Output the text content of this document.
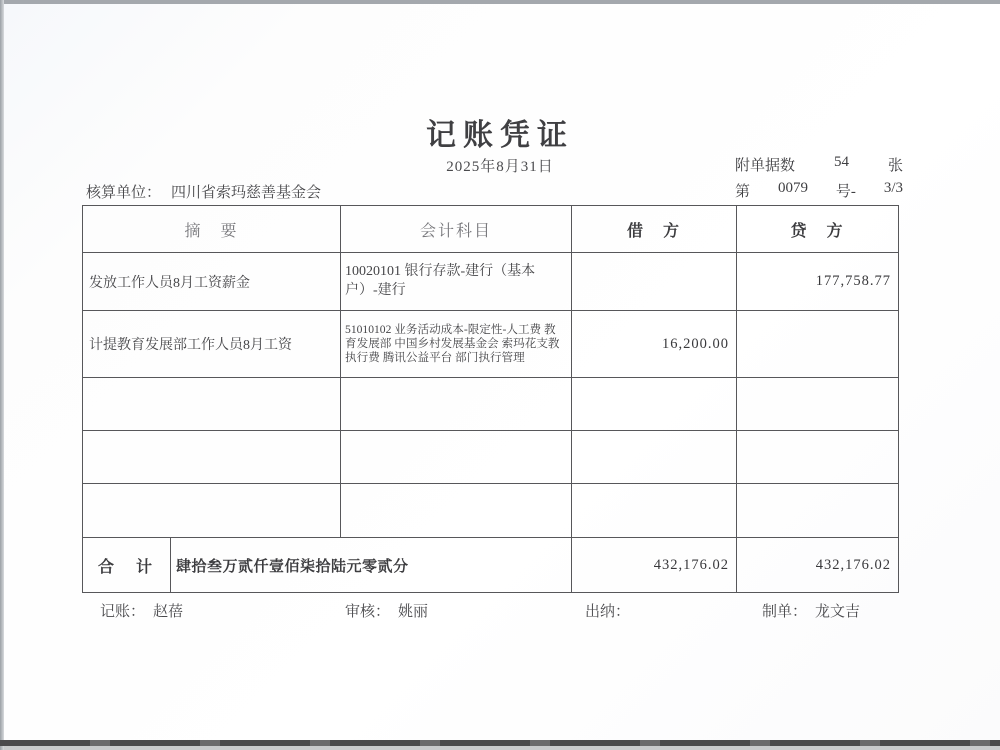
记账凭证
2025年8月31日	附单据数	54	张
第 0079 号- 3/3
核算单位： 四川省索玛慈善基金会
摘　要		会计科目	借　方	贷　方
发放工作人员8月工资薪金		10020101 银行存款-建行（基本户）-建行		177,758.77
计提教育发展部工作人员8月工资		51010102 业务活动成本-限定性-人工费 教育发展部 中国乡村发展基金会 索玛花支教 执行费 腾讯公益平台 部门执行管理	16,200.00	

合　计	肆拾叁万贰仟壹佰柒拾陆元零贰分		432,176.02	432,176.02
记账： 赵蓓	审核： 姚丽	出纳：	制单： 龙文吉
